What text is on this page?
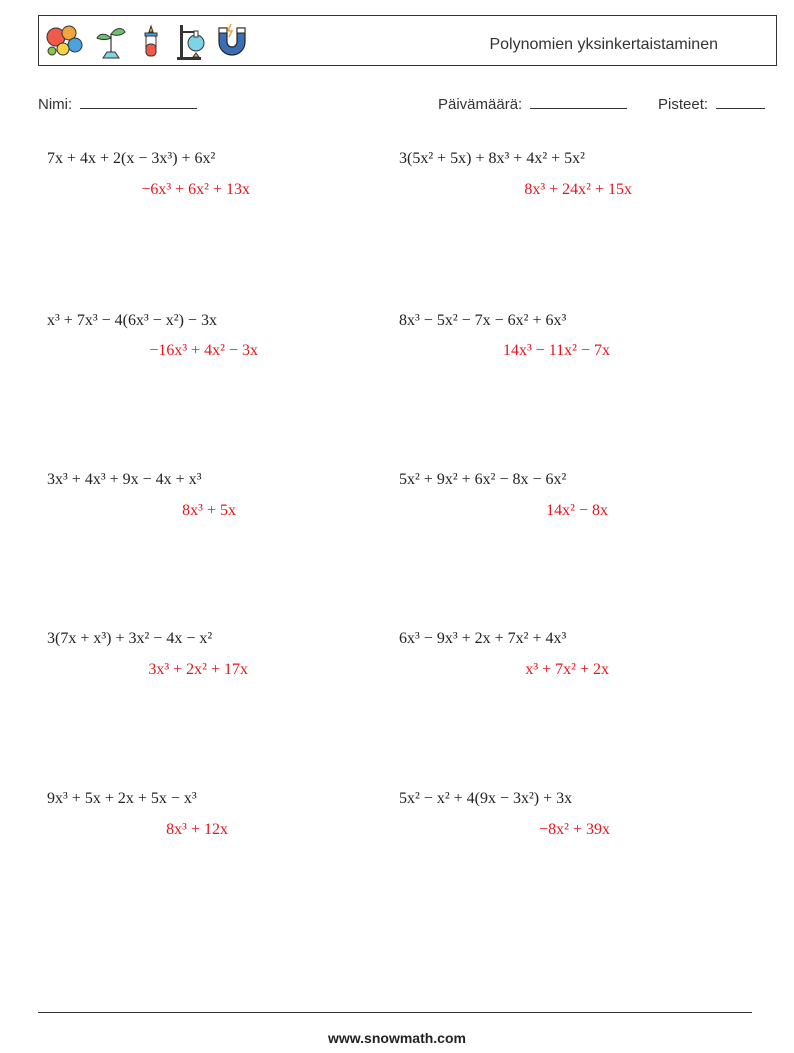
Polynomien yksinkertaistaminen
Nimi:	Päivämäärä:	Pisteet:
7x + 4x + 2(x − 3x³) + 6x²
−6x³ + 6x² + 13x
x³ + 7x³ − 4(6x³ − x²) − 3x
−16x³ + 4x² − 3x
3x³ + 4x³ + 9x − 4x + x³
8x³ + 5x
3(7x + x³) + 3x² − 4x − x²
3x³ + 2x² + 17x
9x³ + 5x + 2x + 5x − x³
8x³ + 12x
3(5x² + 5x) + 8x³ + 4x² + 5x²
8x³ + 24x² + 15x
8x³ − 5x² − 7x − 6x² + 6x³
14x³ − 11x² − 7x
5x² + 9x² + 6x² − 8x − 6x²
14x² − 8x
6x³ − 9x³ + 2x + 7x² + 4x³
x³ + 7x² + 2x
5x² − x² + 4(9x − 3x²) + 3x
−8x² + 39x
www.snowmath.com
